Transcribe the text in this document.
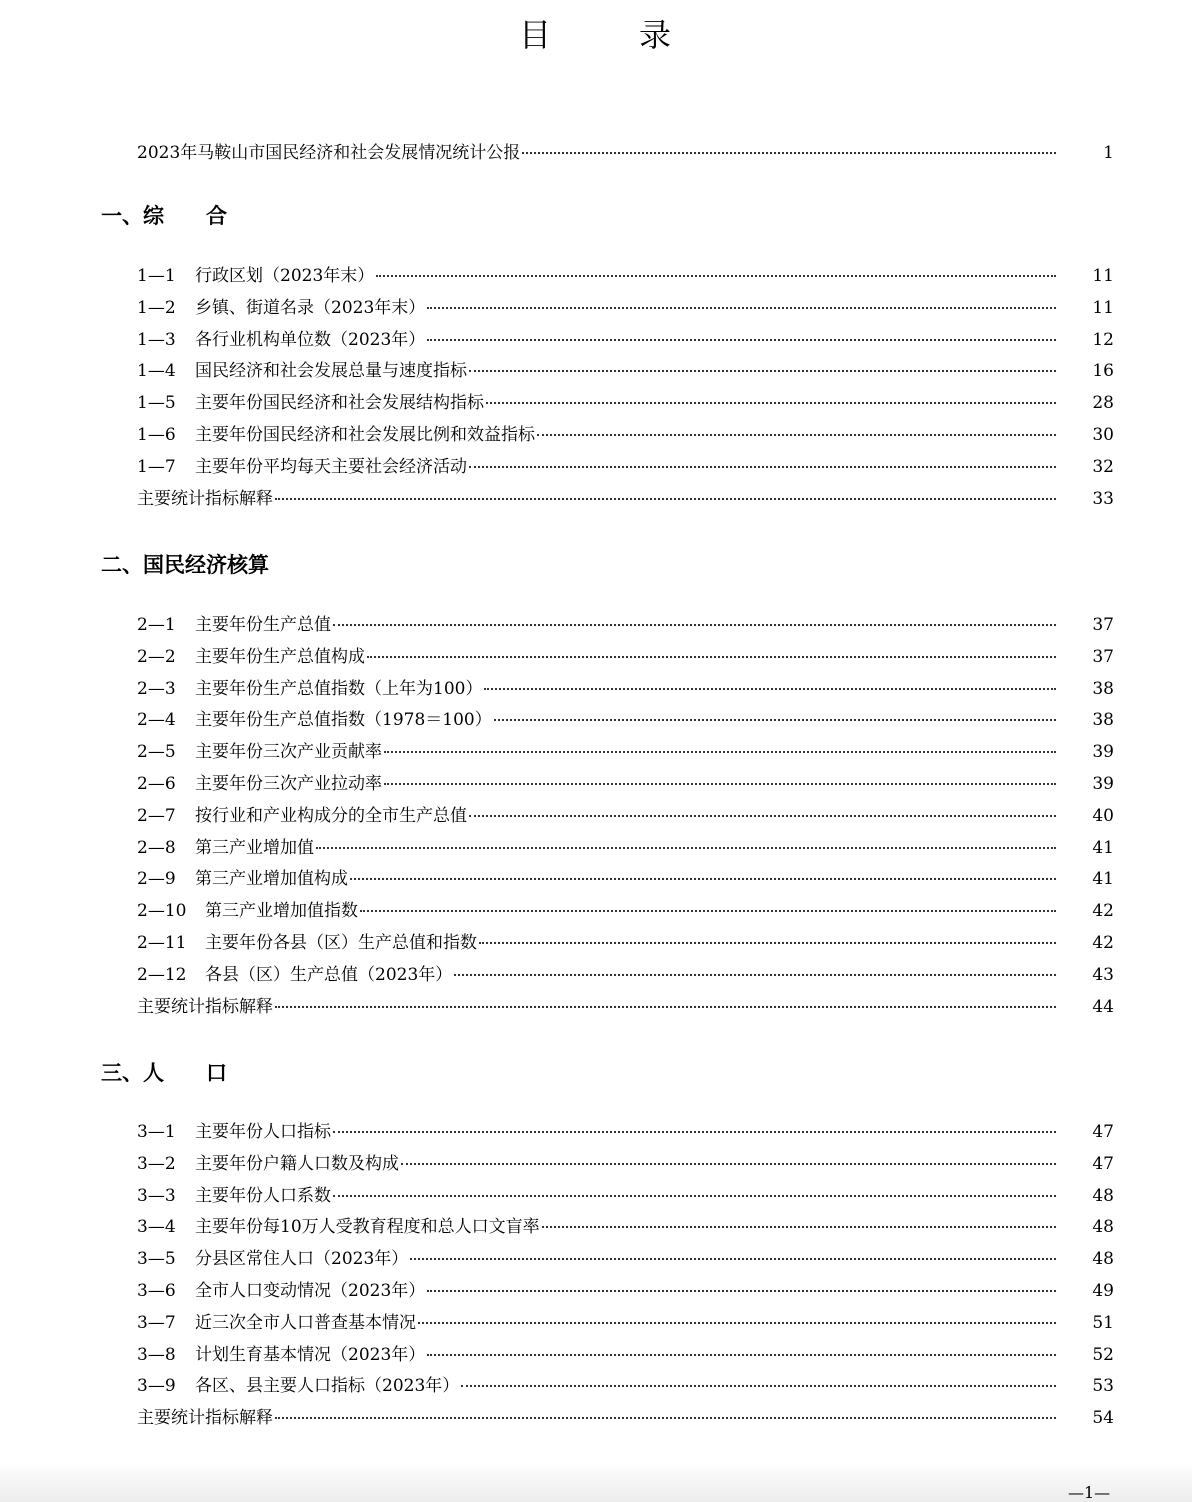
目	录
2023年马鞍山市国民经济和社会发展情况统计公报	1
一、综　　合
1—1	行政区划（2023年末）	11
1—2	乡镇、街道名录（2023年末）	11
1—3	各行业机构单位数（2023年）	12
1—4	国民经济和社会发展总量与速度指标	16
1—5	主要年份国民经济和社会发展结构指标	28
1—6	主要年份国民经济和社会发展比例和效益指标	30
1—7	主要年份平均每天主要社会经济活动	32
主要统计指标解释	33
二、国民经济核算
2—1	主要年份生产总值	37
2—2	主要年份生产总值构成	37
2—3	主要年份生产总值指数（上年为100）	38
2—4	主要年份生产总值指数（1978＝100）	38
2—5	主要年份三次产业贡献率	39
2—6	主要年份三次产业拉动率	39
2—7	按行业和产业构成分的全市生产总值	40
2—8	第三产业增加值	41
2—9	第三产业增加值构成	41
2—10	第三产业增加值指数	42
2—11	主要年份各县（区）生产总值和指数	42
2—12	各县（区）生产总值（2023年）	43
主要统计指标解释	44
三、人　　口
3—1	主要年份人口指标	47
3—2	主要年份户籍人口数及构成	47
3—3	主要年份人口系数	48
3—4	主要年份每10万人受教育程度和总人口文盲率	48
3—5	分县区常住人口（2023年）	48
3—6	全市人口变动情况（2023年）	49
3—7	近三次全市人口普查基本情况	51
3—8	计划生育基本情况（2023年）	52
3—9	各区、县主要人口指标（2023年）	53
主要统计指标解释	54
—1—
